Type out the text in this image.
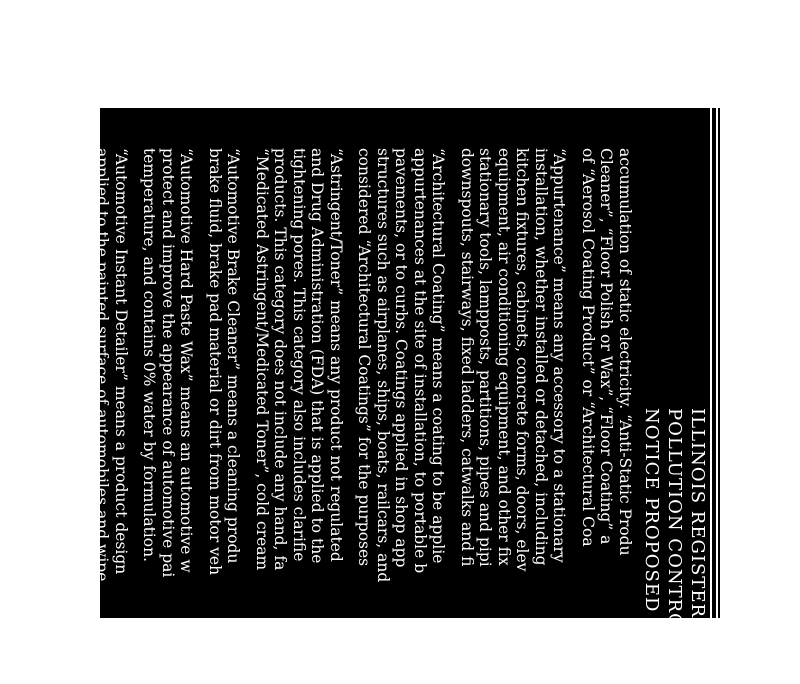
ILLINOIS REGISTER
POLLUTION CONTROL B
NOTICE PROPOSED AMEN

accumulation of static electricity. “Anti-Static Produ
Cleaner”, “Floor Polish or Wax”, “Floor Coating” a
of “Aerosol Coating Product” or “Architectural Coa

“Appurtenance” means any accessory to a stationary
installation, whether installed or detached, including
kitchen fixtures, cabinets, concrete forms, doors, elev
equipment, air conditioning equipment, and other fix
stationary tools, lampposts, partitions, pipes and pipi
downspouts, stairways, fixed ladders, catwalks and fi

“Architectural Coating” means a coating to be applie
appurtenances at the site of installation, to portable b
pavements, or to curbs. Coatings applied in shop app
structures such as airplanes, ships, boats, railcars, and
considered “Architectural Coatings” for the purposes

“Astringent/Toner” means any product not regulated
and Drug Administration (FDA) that is applied to the
tightening pores. This category also includes clarifie
products. This category does not include any hand, fa
“Medicated Astringent/Medicated Toner”, cold cream

“Automotive Brake Cleaner” means a cleaning produ
brake fluid, brake pad material or dirt from motor veh

“Automotive Hard Paste Wax” means an automotive w
protect and improve the appearance of automotive pai
temperature, and contains 0% water by formulation.

“Automotive Instant Detailer” means a product design
applied to the painted surface of automobiles and wipe
allowed to dry.

“Automotive Rubbing or Polishing Compound” means
remove oxidation, old paint, scratches or swirl marks,
surface of motor vehicles without leaving a protective
